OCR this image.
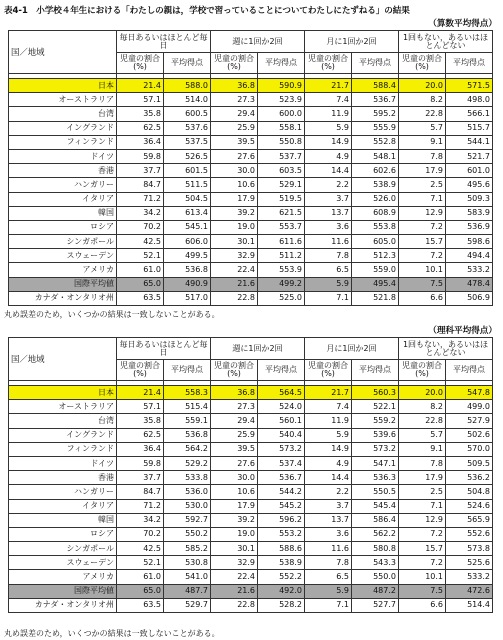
表4-1　小学校４年生における「わたしの親は，学校で習っていることについてわたしにたずねる」の結果
（算数平均得点）
国／地域	毎日あるいはほとんど毎日		週に1回か2回		月に1回か2回		1回もない，あるいはほとんどない	
	児童の割合(%)	平均得点	児童の割合(%)	平均得点	児童の割合(%)	平均得点	児童の割合(%)	平均得点

日本	21.4	588.0	36.8	590.9	21.7	588.4	20.0	571.5
オーストラリア	57.1	514.0	27.3	523.9	7.4	536.7	8.2	498.0
台湾	35.8	600.5	29.4	600.0	11.9	595.2	22.8	566.1
イングランド	62.5	537.6	25.9	558.1	5.9	555.9	5.7	515.7
フィンランド	36.4	537.5	39.5	550.8	14.9	552.8	9.1	544.1
ドイツ	59.8	526.5	27.6	537.7	4.9	548.1	7.8	521.7
香港	37.7	601.5	30.0	603.5	14.4	602.6	17.9	601.0
ハンガリー	84.7	511.5	10.6	529.1	2.2	538.9	2.5	495.6
イタリア	71.2	504.5	17.9	519.5	3.7	526.0	7.1	509.3
韓国	34.2	613.4	39.2	621.5	13.7	608.9	12.9	583.9
ロシア	70.2	545.1	19.0	553.7	3.6	553.8	7.2	536.9
シンガポール	42.5	606.0	30.1	611.6	11.6	605.0	15.7	598.6
スウェーデン	52.1	499.5	32.9	511.2	7.8	512.3	7.2	494.4
アメリカ	61.0	536.8	22.4	553.9	6.5	559.0	10.1	533.2
国際平均値	65.0	490.9	21.6	499.2	5.9	495.4	7.5	478.4
カナダ・オンタリオ州	63.5	517.0	22.8	525.0	7.1	521.8	6.6	506.9
丸め誤差のため，いくつかの結果は一致しないことがある。
（理科平均得点）
国／地域	毎日あるいはほとんど毎日		週に1回か2回		月に1回か2回		1回もない，あるいはほとんどない	
	児童の割合(%)	平均得点	児童の割合(%)	平均得点	児童の割合(%)	平均得点	児童の割合(%)	平均得点

日本	21.4	558.3	36.8	564.5	21.7	560.3	20.0	547.8
オーストラリア	57.1	515.4	27.3	524.0	7.4	522.1	8.2	499.0
台湾	35.8	559.1	29.4	560.1	11.9	559.2	22.8	527.9
イングランド	62.5	536.8	25.9	540.4	5.9	539.6	5.7	502.6
フィンランド	36.4	564.2	39.5	573.2	14.9	573.2	9.1	570.0
ドイツ	59.8	529.2	27.6	537.4	4.9	547.1	7.8	509.5
香港	37.7	533.8	30.0	536.7	14.4	536.3	17.9	536.2
ハンガリー	84.7	536.0	10.6	544.2	2.2	550.5	2.5	504.8
イタリア	71.2	530.0	17.9	545.2	3.7	545.4	7.1	524.6
韓国	34.2	592.7	39.2	596.2	13.7	586.4	12.9	565.9
ロシア	70.2	550.2	19.0	553.2	3.6	562.2	7.2	552.6
シンガポール	42.5	585.2	30.1	588.6	11.6	580.8	15.7	573.8
スウェーデン	52.1	530.8	32.9	538.9	7.8	543.3	7.2	525.6
アメリカ	61.0	541.0	22.4	552.2	6.5	550.0	10.1	533.2
国際平均値	65.0	487.7	21.6	492.0	5.9	487.2	7.5	472.6
カナダ・オンタリオ州	63.5	529.7	22.8	528.2	7.1	527.7	6.6	514.4
丸め誤差のため，いくつかの結果は一致しないことがある。
